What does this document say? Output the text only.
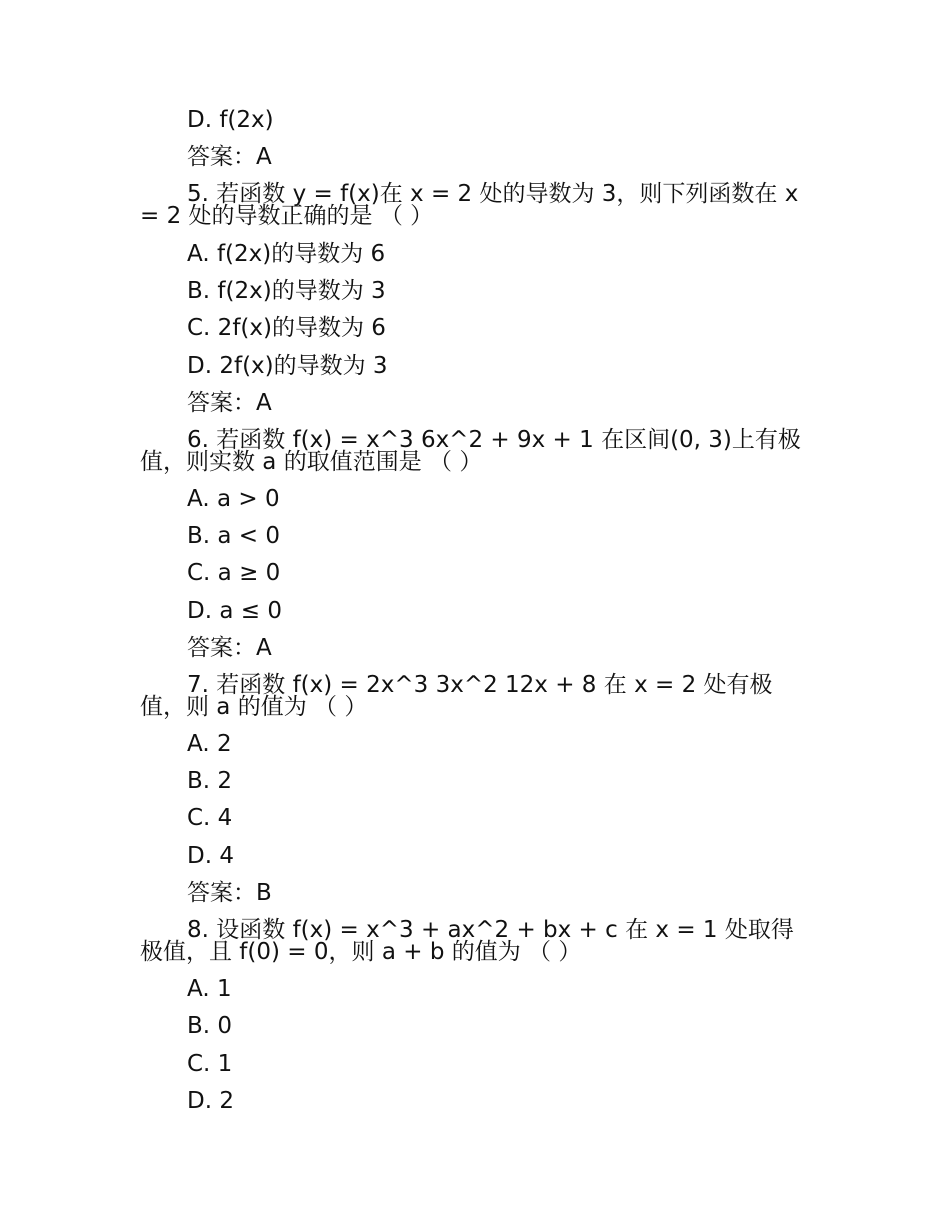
D. f(2x)
答案：A
5. 若函数 y = f(x)在 x = 2 处的导数为 3，则下列函数在 x = 2 处的导数正确的是 （ ）
A. f(2x)的导数为 6
B. f(2x)的导数为 3
C. 2f(x)的导数为 6
D. 2f(x)的导数为 3
答案：A
6. 若函数 f(x) = x^3 6x^2 + 9x + 1 在区间(0, 3)上有极值，则实数 a 的取值范围是 （ ）
A. a > 0
B. a < 0
C. a ≥ 0
D. a ≤ 0
答案：A
7. 若函数 f(x) = 2x^3 3x^2 12x + 8 在 x = 2 处有极值，则 a 的值为 （ ）
A. 2
B. 2
C. 4
D. 4
答案：B
8. 设函数 f(x) = x^3 + ax^2 + bx + c 在 x = 1 处取得极值，且 f(0) = 0，则 a + b 的值为 （ ）
A. 1
B. 0
C. 1
D. 2
